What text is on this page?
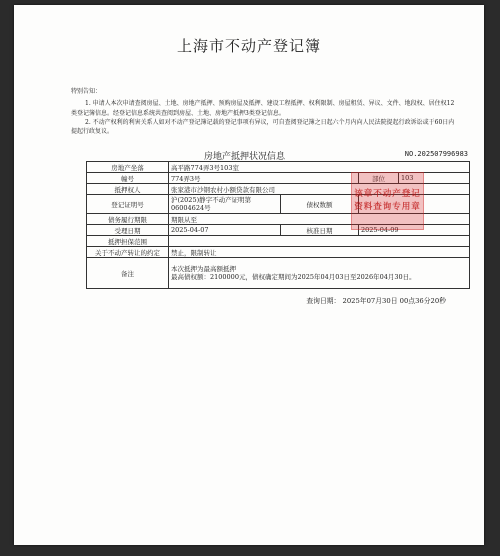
上海市不动产登记簿
特别告知：
1. 申请人本次申请查阅房屋、土地、房地产抵押、预购房屋及抵押、建设工程抵押、权利限制、房屋租赁、异议、文件、地段权、居住权12类登记簿信息。经登记信息系统共查阅到房屋、土地、房地产抵押3类登记信息。
2. 不动产权利的利害关系人如对不动产登记簿记载的登记事项有异议，可自查阅登记簿之日起六个月内向人民法院提起行政诉讼或于60日内提起行政复议。
房地产抵押状况信息	NO.202507996983
房地产坐落	高平路774弄3号103室			
幢号	774弄3号		部位	103
抵押权人	张家港市沙钢农村小额贷款有限公司			
登记证明号	沪(2025)静字不动产证明第06004624号	债权数额		
债务履行期限	期限从至			
受理日期	2025-04-07	核准日期	2025-04-09	
抵押担保范围				
关于不动产转让的约定	禁止，限制转让			
备注	本次抵押为最高额抵押
最高债权额：2100000元，债权确定期间为2025年04月03日至2026年04月30日。			
该章不动产登记
资料查询专用章
查询日期： 2025年07月30日 00点36分20秒
